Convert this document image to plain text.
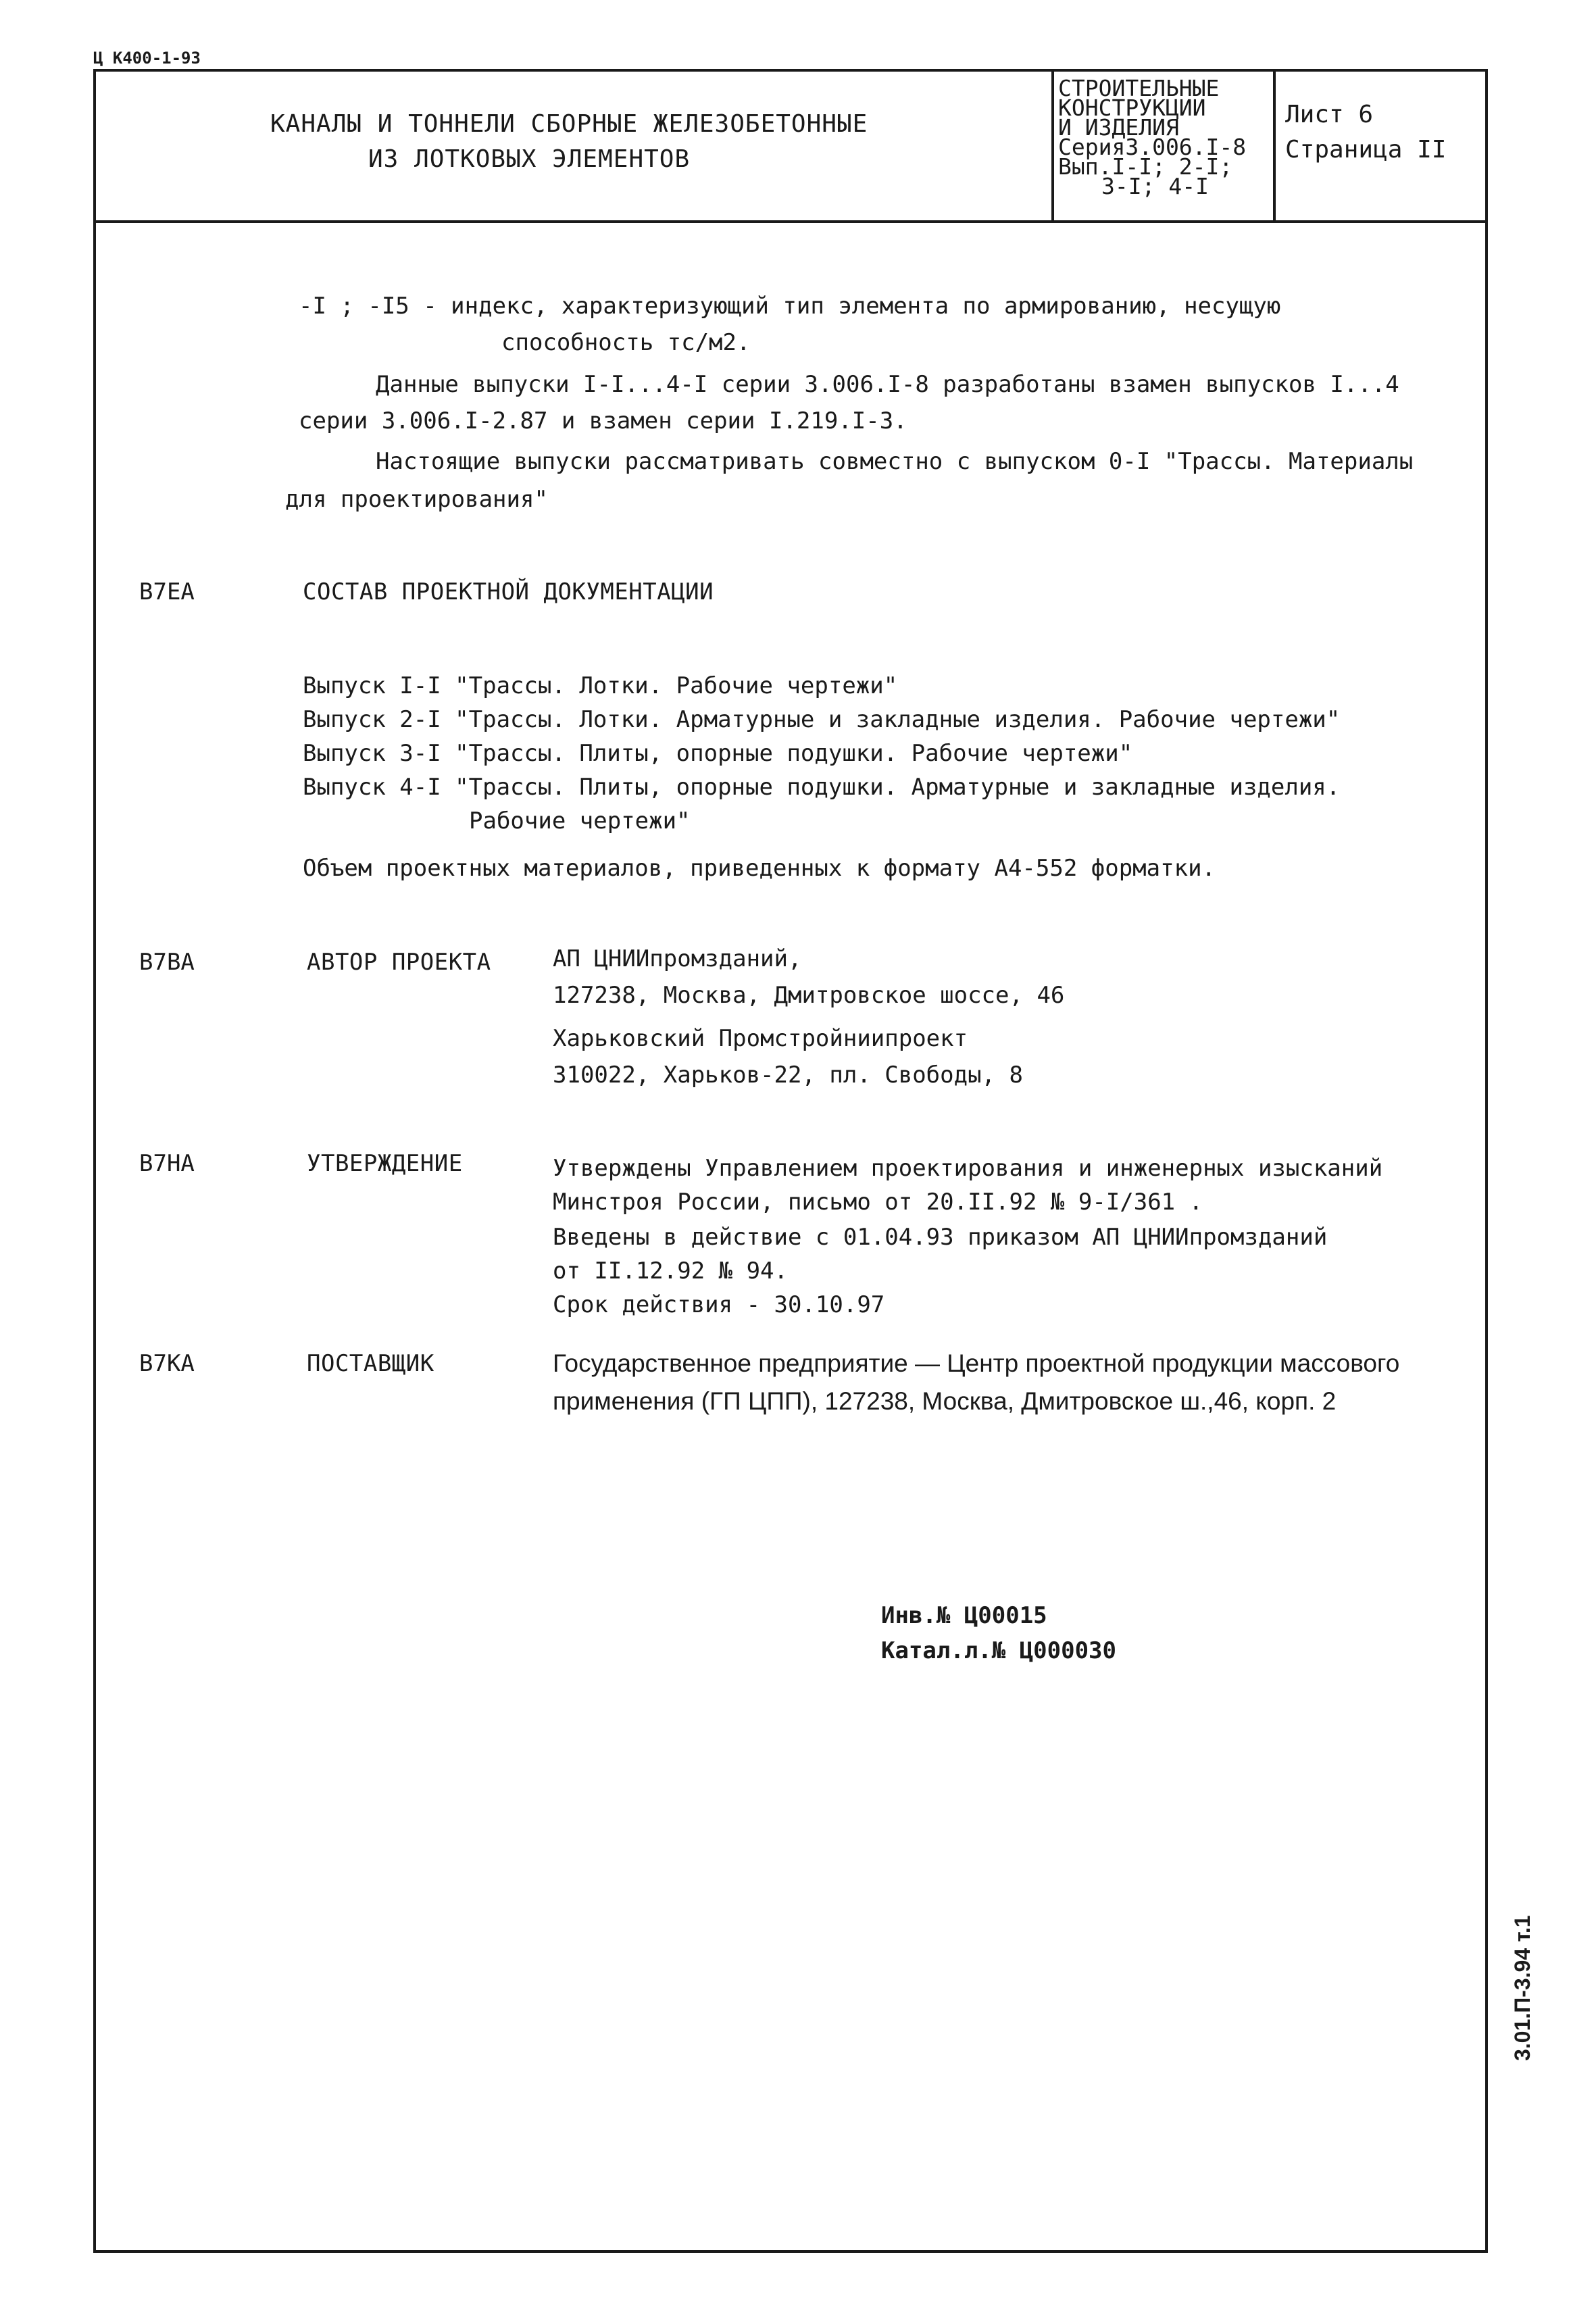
Ц К400-1-93
КАНАЛЫ И ТОННЕЛИ СБОРНЫЕ ЖЕЛЕЗОБЕТОННЫЕ
ИЗ ЛОТКОВЫХ ЭЛЕМЕНТОВ
СТРОИТЕЛЬНЫЕ
КОНСТРУКЦИИ
И ИЗДЕЛИЯ
Серия3.006.I-8
Вып.I-I; 2-I;
3-I; 4-I
Лист 6
Страница II
-I ; -I5 - индекс, характеризующий тип элемента по армированию, несущую
способность тс/м2.
Данные выпуски I-I...4-I серии 3.006.I-8 разработаны взамен выпусков I...4
серии 3.006.I-2.87 и взамен серии I.219.I-3.
Настоящие выпуски рассматривать совместно с выпуском 0-I "Трассы. Материалы
для проектирования"
В7ЕА	СОСТАВ ПРОЕКТНОЙ ДОКУМЕНТАЦИИ
Выпуск I-I "Трассы. Лотки. Рабочие чертежи"
Выпуск 2-I "Трассы. Лотки. Арматурные и закладные изделия. Рабочие чертежи"
Выпуск 3-I "Трассы. Плиты, опорные подушки. Рабочие чертежи"
Выпуск 4-I "Трассы. Плиты, опорные подушки. Арматурные и закладные изделия.
Рабочие чертежи"
Объем проектных материалов, приведенных к формату А4-552 форматки.
В7ВА	АВТОР ПРОЕКТА	АП ЦНИИпромзданий,
127238, Москва, Дмитровское шоссе, 46
Харьковский Промстройниипроект
310022, Харьков-22, пл. Свободы, 8
В7НА	УТВЕРЖДЕНИЕ	Утверждены Управлением проектирования и инженерных изысканий
Минстроя России, письмо от 20.II.92 № 9-I/361 .
Введены в действие с 01.04.93 приказом АП ЦНИИпромзданий
от II.12.92 № 94.
Срок действия - 30.10.97
В7КА	ПОСТАВЩИК	Государственное предприятие — Центр проектной продукции массового
применения (ГП ЦПП), 127238, Москва, Дмитровское ш.,46, корп. 2
Инв.№ Ц00015
Катал.л.№ Ц000030
3.01.П-3.94 т.1
